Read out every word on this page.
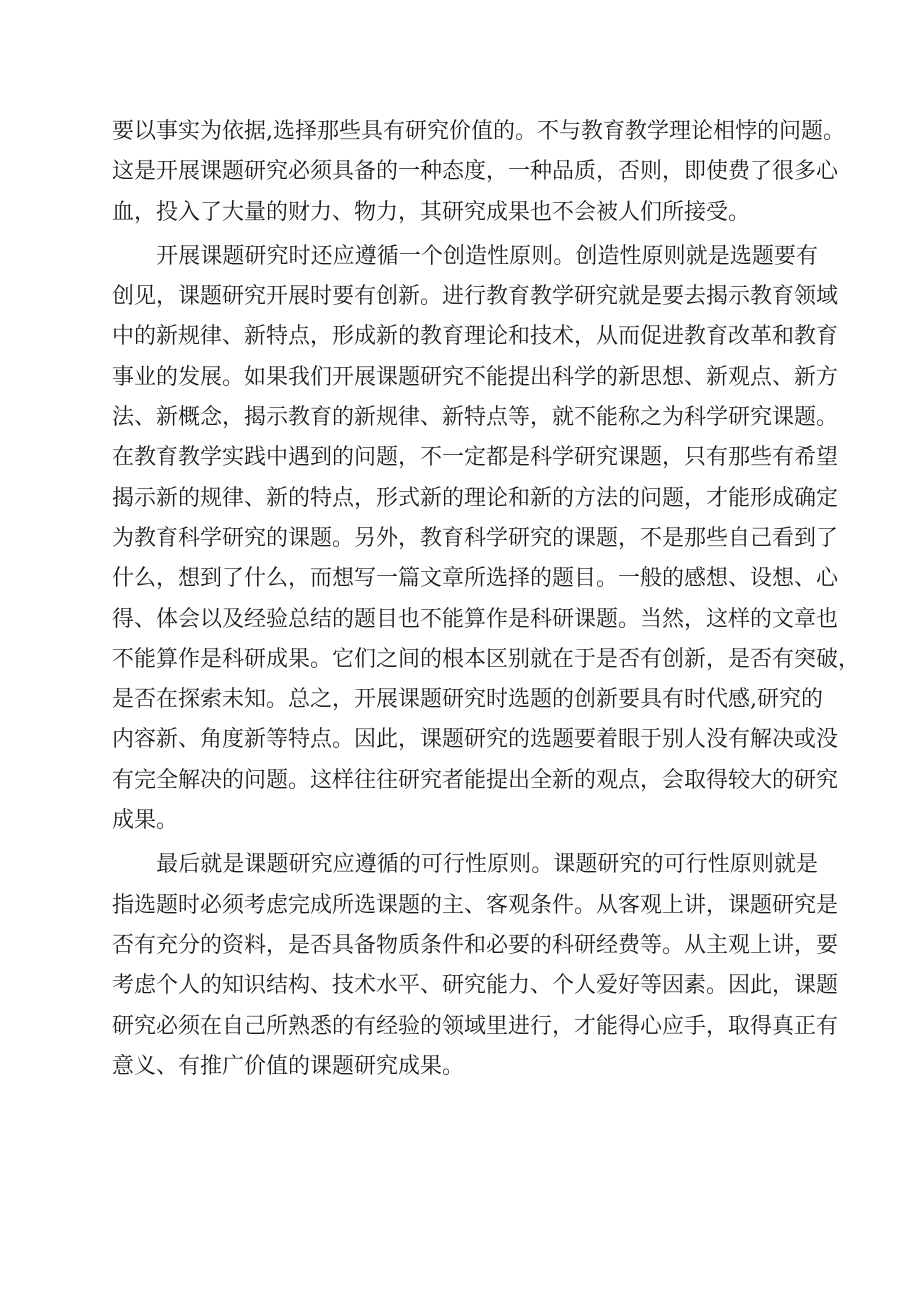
要以事实为依据,选择那些具有研究价值的。不与教育教学理论相悖的问题。
这是开展课题研究必须具备的一种态度，一种品质，否则，即使费了很多心
血，投入了大量的财力、物力，其研究成果也不会被人们所接受。
　　开展课题研究时还应遵循一个创造性原则。创造性原则就是选题要有
创见，课题研究开展时要有创新。进行教育教学研究就是要去揭示教育领域
中的新规律、新特点，形成新的教育理论和技术，从而促进教育改革和教育
事业的发展。如果我们开展课题研究不能提出科学的新思想、新观点、新方
法、新概念，揭示教育的新规律、新特点等，就不能称之为科学研究课题。
在教育教学实践中遇到的问题，不一定都是科学研究课题，只有那些有希望
揭示新的规律、新的特点，形式新的理论和新的方法的问题，才能形成确定
为教育科学研究的课题。另外，教育科学研究的课题，不是那些自己看到了
什么，想到了什么，而想写一篇文章所选择的题目。一般的感想、设想、心
得、体会以及经验总结的题目也不能算作是科研课题。当然，这样的文章也
不能算作是科研成果。它们之间的根本区别就在于是否有创新，是否有突破，
是否在探索未知。总之，开展课题研究时选题的创新要具有时代感,研究的
内容新、角度新等特点。因此，课题研究的选题要着眼于别人没有解决或没
有完全解决的问题。这样往往研究者能提出全新的观点，会取得较大的研究
成果。
　　最后就是课题研究应遵循的可行性原则。课题研究的可行性原则就是
指选题时必须考虑完成所选课题的主、客观条件。从客观上讲，课题研究是
否有充分的资料，是否具备物质条件和必要的科研经费等。从主观上讲，要
考虑个人的知识结构、技术水平、研究能力、个人爱好等因素。因此，课题
研究必须在自己所熟悉的有经验的领域里进行，才能得心应手，取得真正有
意义、有推广价值的课题研究成果。
